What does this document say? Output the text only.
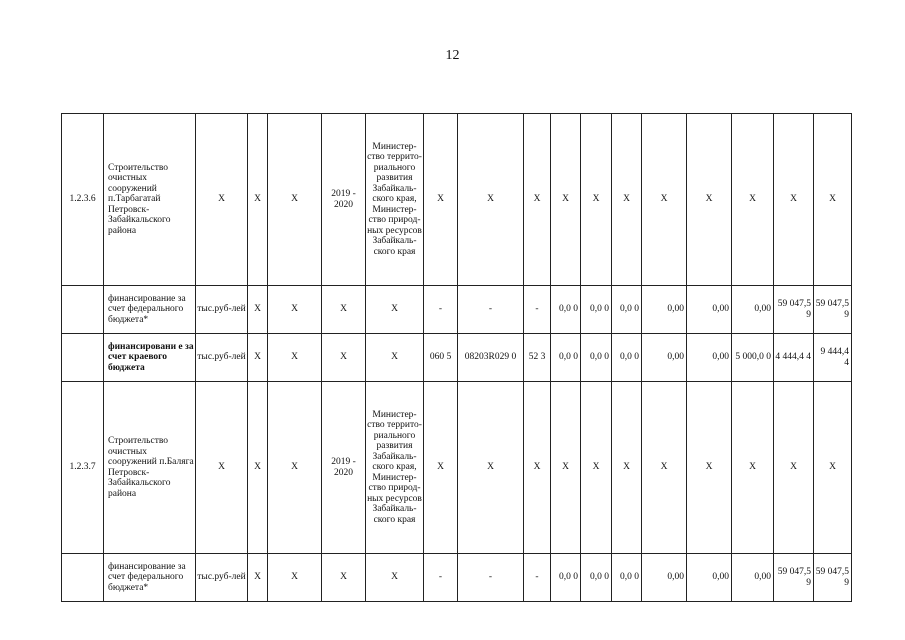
12
1.2.3.6	Строительство очистных сооружений п.Тарбагатай Петровск-Забайкальского района	X	X	X	2019 - 2020	Министер-ство террито-риального развития Забайкаль-ского края, Министер-ство природ-ных ресурсов Забайкаль-ского края	X	X	X	X	X	X	X	X	X	X	X
	финансирование за счет федерального бюджета*	тыс.руб-лей	X	X	X	X	-	-	-	0,0 0	0,0 0	0,0 0	0,00	0,00	0,00	59 047,5 9	59 047,5 9
	финансировани е за счет краевого бюджета	тыс.руб-лей	X	X	X	X	060 5	08203R029 0	52 3	0,0 0	0,0 0	0,0 0	0,00	0,00	5 000,0 0	4 444,4 4	9 444,4 4
1.2.3.7	Строительство очистных сооружений п.Баляга Петровск-Забайкальского района	X	X	X	2019 - 2020	Министер-ство террито-риального развития Забайкаль-ского края, Министер-ство природ-ных ресурсов Забайкаль-ского края	X	X	X	X	X	X	X	X	X	X	X
	финансирование за счет федерального бюджета*	тыс.руб-лей	X	X	X	X	-	-	-	0,0 0	0,0 0	0,0 0	0,00	0,00	0,00	59 047,5 9	59 047,5 9
